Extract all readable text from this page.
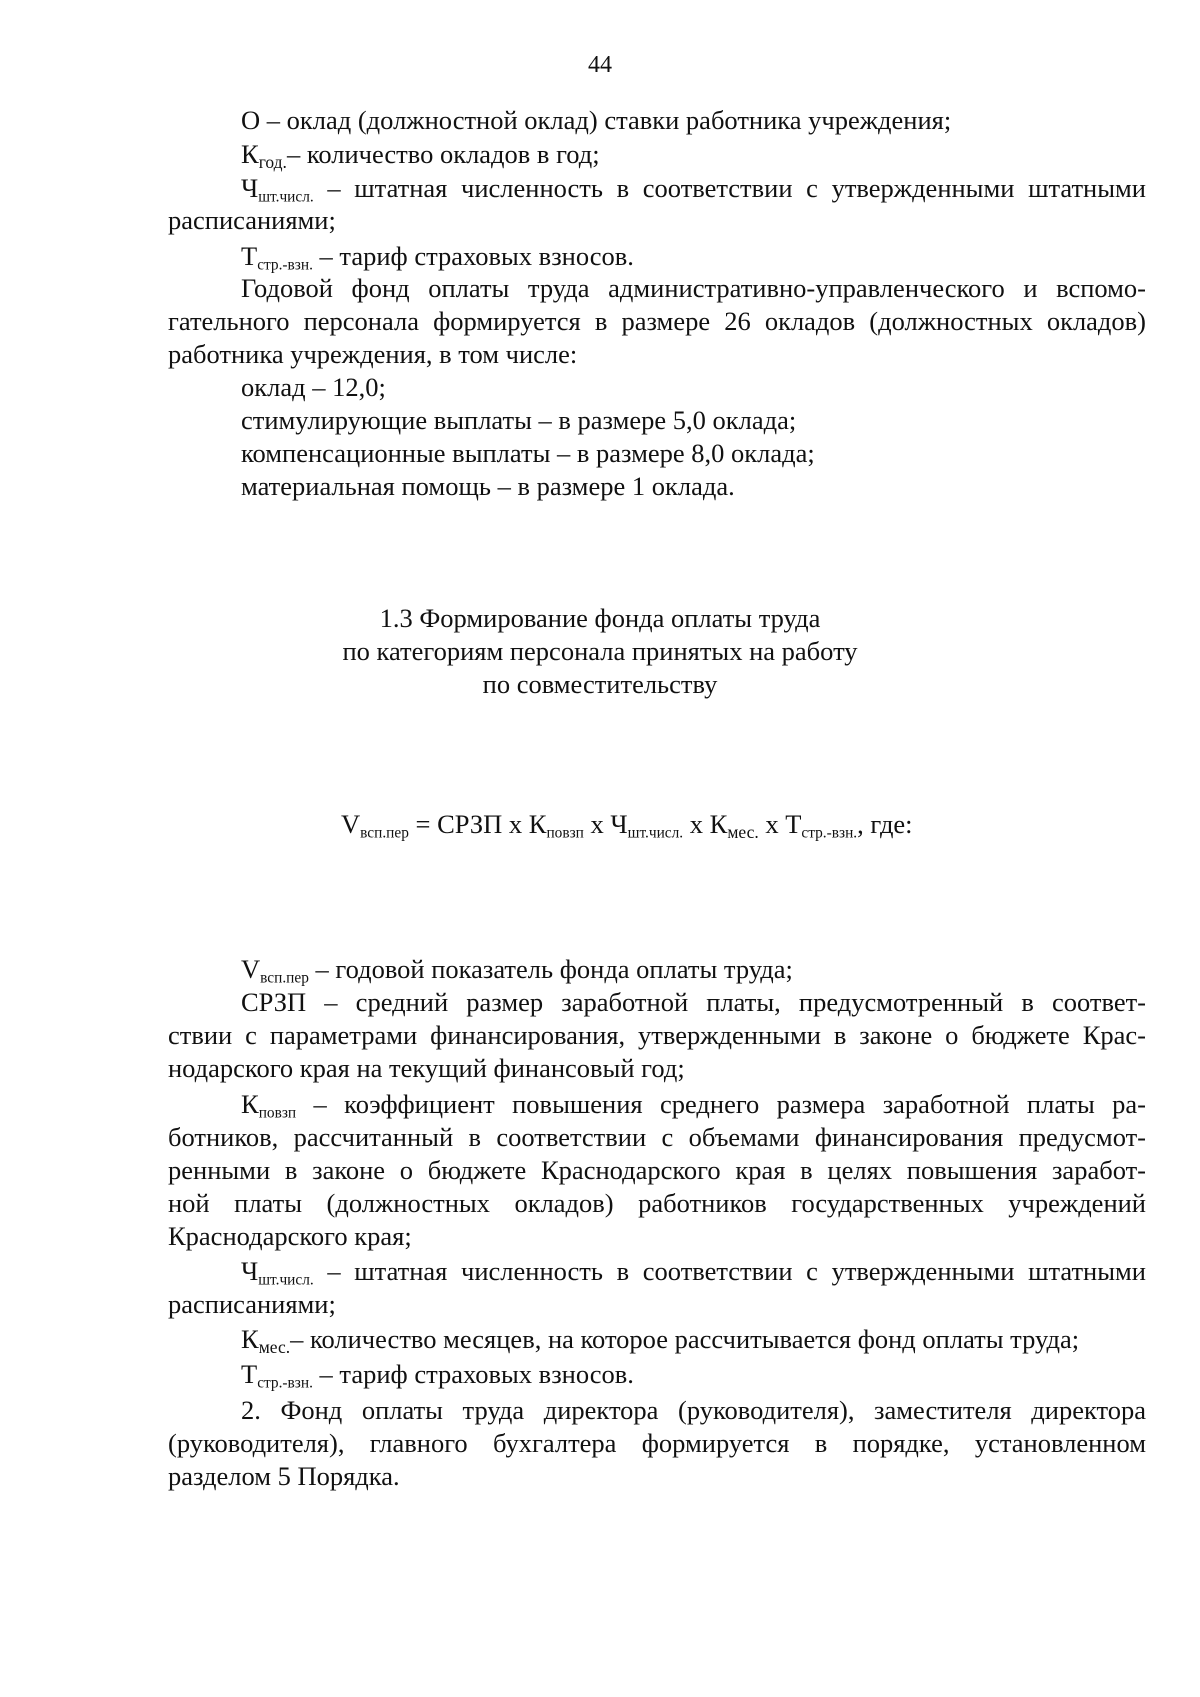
44
О – оклад (должностной оклад) ставки работника учреждения;
$К_{год.}-$ количество окладов в год;
$Ч_{шт.числ.}$ – штатная численность в соответствии с утвержденными штатными
расписаниями;
$Т_{стр.-взн.}$ – тариф страховых взносов.
Годовой фонд оплаты труда административно-управленческого и вспомо-
гательного персонала формируется в размере 26 окладов (должностных окладов)
работника учреждения, в том числе:
оклад – 12,0;
стимулирующие выплаты – в размере 5,0 оклада;
компенсационные выплаты – в размере 8,0 оклада;
материальная помощь – в размере 1 оклада.
1.3 Формирование фонда оплаты труда
по категориям персонала принятых на работу
по совместительству
$V_{всп.пер}$ = СРЗП х $К_{повзп}$ х $Ч_{шт.числ.}$ х $К_{мес.}$ х $Т_{стр.-взн.}$, где:
$V_{всп.пер}$ – годовой показатель фонда оплаты труда;
СРЗП – средний размер заработной платы, предусмотренный в соответ-
ствии с параметрами финансирования, утвержденными в законе о бюджете Крас-
нодарского края на текущий финансовый год;
$К_{повзп}$ – коэффициент повышения среднего размера заработной платы ра-
ботников, рассчитанный в соответствии с объемами финансирования предусмот-
ренными в законе о бюджете Краснодарского края в целях повышения заработ-
ной платы (должностных окладов) работников государственных учреждений
Краснодарского края;
$Ч_{шт.числ.}$ – штатная численность в соответствии с утвержденными штатными
расписаниями;
$К_{мес.}-$ количество месяцев, на которое рассчитывается фонд оплаты труда;
$Т_{стр.-взн.}$ – тариф страховых взносов.
2. Фонд оплаты труда директора (руководителя), заместителя директора
(руководителя), главного бухгалтера формируется в порядке, установленном
разделом 5 Порядка.
